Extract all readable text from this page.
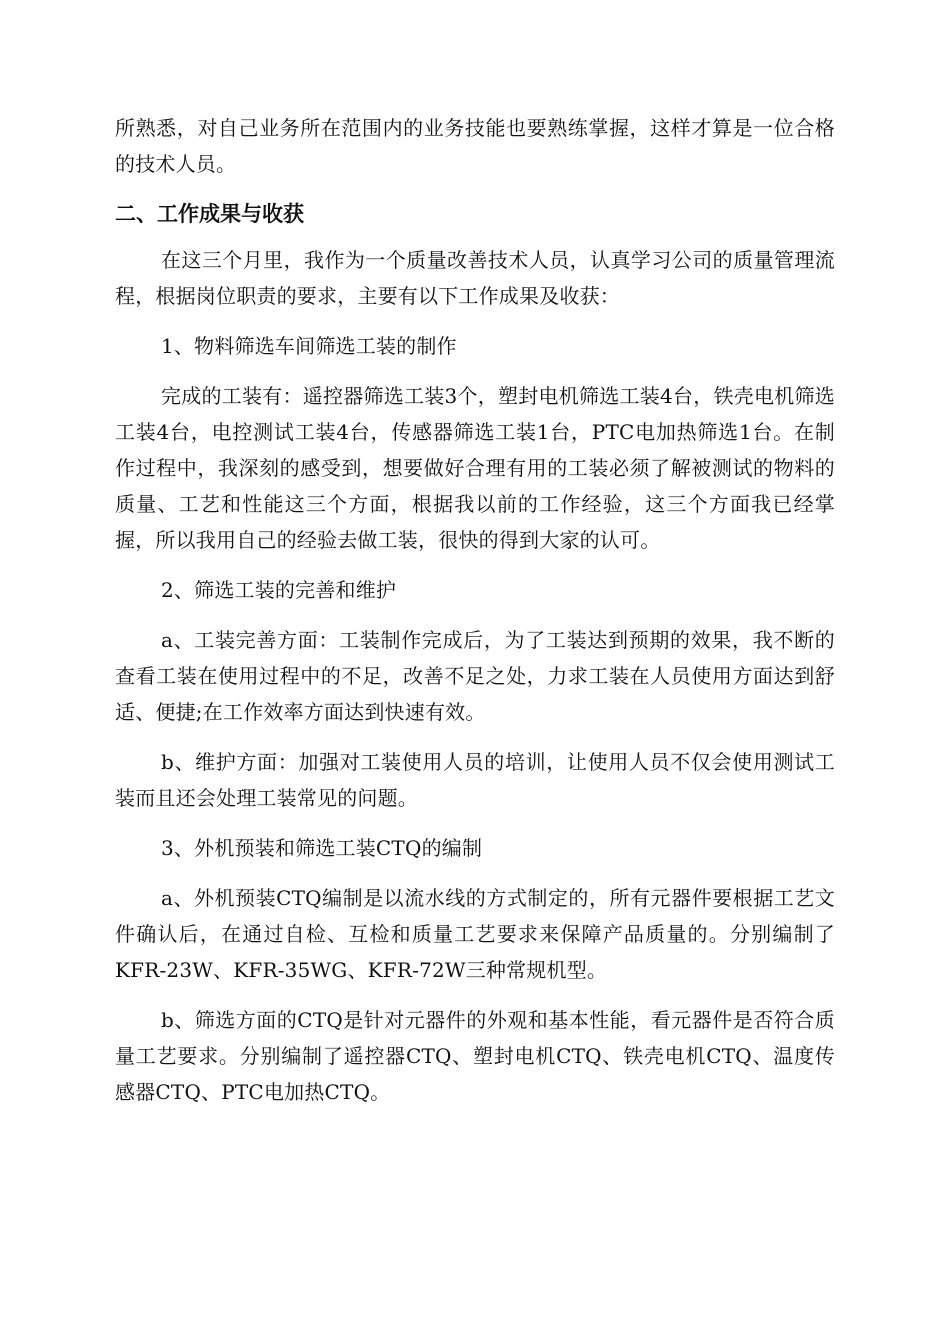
所熟悉，对自己业务所在范围内的业务技能也要熟练掌握，这样才算是一位合格的技术人员。

二、工作成果与收获

在这三个月里，我作为一个质量改善技术人员，认真学习公司的质量管理流程，根据岗位职责的要求，主要有以下工作成果及收获：

1、物料筛选车间筛选工装的制作

完成的工装有：遥控器筛选工装3个，塑封电机筛选工装4台，铁壳电机筛选工装4台，电控测试工装4台，传感器筛选工装1台，PTC电加热筛选1台。在制作过程中，我深刻的感受到，想要做好合理有用的工装必须了解被测试的物料的质量、工艺和性能这三个方面，根据我以前的工作经验，这三个方面我已经掌握，所以我用自己的经验去做工装，很快的得到大家的认可。

2、筛选工装的完善和维护

a、工装完善方面：工装制作完成后，为了工装达到预期的效果，我不断的查看工装在使用过程中的不足，改善不足之处，力求工装在人员使用方面达到舒适、便捷;在工作效率方面达到快速有效。

b、维护方面：加强对工装使用人员的培训，让使用人员不仅会使用测试工装而且还会处理工装常见的问题。

3、外机预装和筛选工装CTQ的编制

a、外机预装CTQ编制是以流水线的方式制定的，所有元器件要根据工艺文件确认后，在通过自检、互检和质量工艺要求来保障产品质量的。分别编制了KFR-23W、KFR-35WG、KFR-72W三种常规机型。

b、筛选方面的CTQ是针对元器件的外观和基本性能，看元器件是否符合质量工艺要求。分别编制了遥控器CTQ、塑封电机CTQ、铁壳电机CTQ、温度传感器CTQ、PTC电加热CTQ。
